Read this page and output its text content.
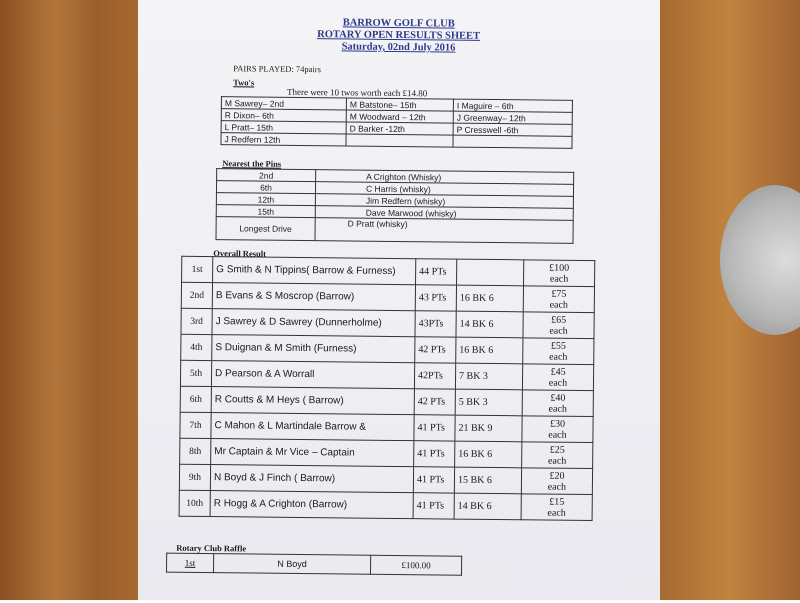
BARROW GOLF CLUB
ROTARY OPEN RESULTS SHEET
Saturday, 02nd July 2016
PAIRS PLAYED: 74pairs
Two's
There were 10 twos worth each £14.80
M Sawrey– 2nd	M Batstone– 15th	I Maguire – 6th
R Dixon– 6th	M Woodward – 12th	J Greenway– 12th
L Pratt– 15th	D Barker -12th	P Cresswell -6th
J Redfern 12th		
Nearest the Pins
2nd	A Crighton (Whisky)
6th	C Harris (whisky)
12th	Jim Redfern (whisky)
15th	Dave Marwood (whisky)
Longest Drive	D Pratt (whisky)
Overall Result
1st	G Smith & N Tippins( Barrow & Furness)	44 PTs		£100
each

2nd	B Evans & S Moscrop (Barrow)	43 PTs	16 BK 6	£75
each

3rd	J Sawrey & D Sawrey (Dunnerholme)	43PTs	14 BK 6	£65
each

4th	S Duignan & M Smith (Furness)	42 PTs	16 BK 6	£55
each

5th	D Pearson & A Worrall	42PTs	7 BK 3	£45
each

6th	R Coutts & M Heys ( Barrow)	42 PTs	5 BK 3	£40
each

7th	C Mahon & L Martindale Barrow &	41 PTs	21 BK 9	£30
each

8th	Mr Captain & Mr Vice – Captain	41 PTs	16 BK 6	£25
each

9th	N Boyd & J Finch ( Barrow)	41 PTs	15 BK 6	£20
each

10th	R Hogg & A Crighton (Barrow)	41 PTs	14 BK 6	£15
each
Rotary Club Raffle
1st	N Boyd	£100.00
